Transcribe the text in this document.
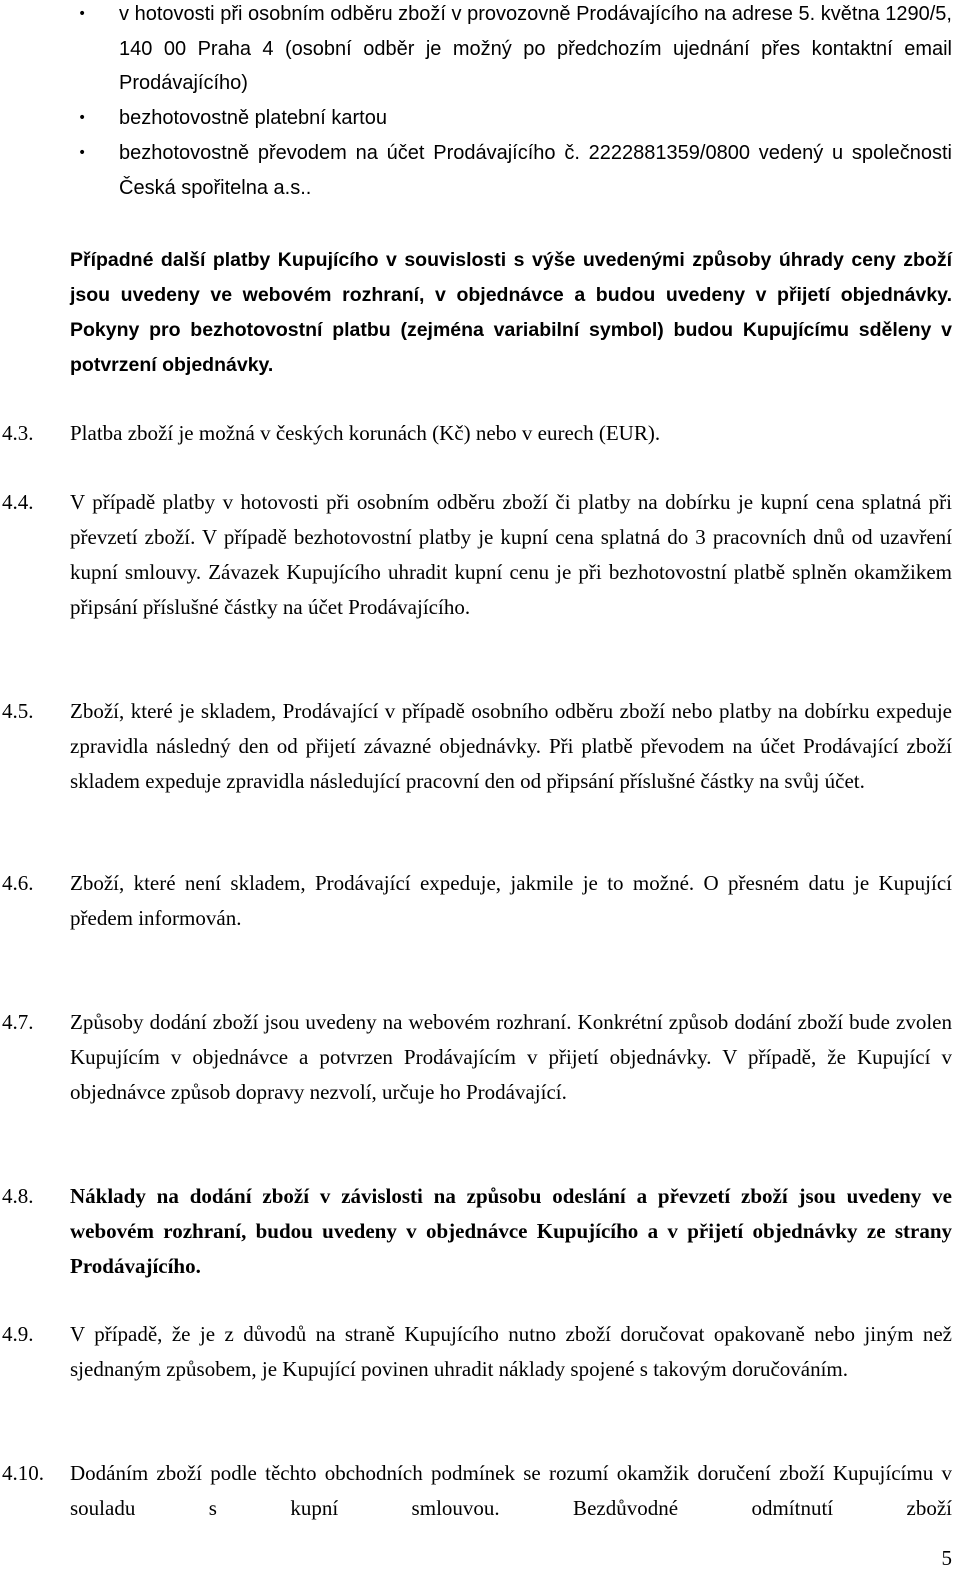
• v hotovosti při osobním odběru zboží v provozovně Prodávajícího na adrese 5. května 1290/5, 140 00 Praha 4 (osobní odběr je možný po předchozím ujednání přes kontaktní email Prodávajícího)
• bezhotovostně platební kartou
• bezhotovostně převodem na účet Prodávajícího č. 2222881359/0800 vedený u společnosti Česká spořitelna a.s..
Případné další platby Kupujícího v souvislosti s výše uvedenými způsoby úhrady ceny zboží jsou uvedeny ve webovém rozhraní, v objednávce a budou uvedeny v přijetí objednávky. Pokyny pro bezhotovostní platbu (zejména variabilní symbol) budou Kupujícímu sděleny v potvrzení objednávky.
4.3.	Platba zboží je možná v českých korunách (Kč) nebo v eurech (EUR).
4.4.	V případě platby v hotovosti při osobním odběru zboží či platby na dobírku je kupní cena splatná při převzetí zboží. V případě bezhotovostní platby je kupní cena splatná do 3 pracovních dnů od uzavření kupní smlouvy. Závazek Kupujícího uhradit kupní cenu je při bezhotovostní platbě splněn okamžikem připsání příslušné částky na účet Prodávajícího.
4.5.	Zboží, které je skladem, Prodávající v případě osobního odběru zboží nebo platby na dobírku expeduje zpravidla následný den od přijetí závazné objednávky. Při platbě převodem na účet Prodávající zboží skladem expeduje zpravidla následující pracovní den od připsání příslušné částky na svůj účet.
4.6.	Zboží, které není skladem, Prodávající expeduje, jakmile je to možné. O přesném datu je Kupující předem informován.
4.7.	Způsoby dodání zboží jsou uvedeny na webovém rozhraní. Konkrétní způsob dodání zboží bude zvolen Kupujícím v objednávce a potvrzen Prodávajícím v přijetí objednávky. V případě, že Kupující v objednávce způsob dopravy nezvolí, určuje ho Prodávající.
4.8.	Náklady na dodání zboží v závislosti na způsobu odeslání a převzetí zboží jsou uvedeny ve webovém rozhraní, budou uvedeny v objednávce Kupujícího a v přijetí objednávky ze strany Prodávajícího.
4.9.	V případě, že je z důvodů na straně Kupujícího nutno zboží doručovat opakovaně nebo jiným než sjednaným způsobem, je Kupující povinen uhradit náklady spojené s takovým doručováním.
4.10.	Dodáním zboží podle těchto obchodních podmínek se rozumí okamžik doručení zboží Kupujícímu v souladu s kupní smlouvou. Bezdůvodné odmítnutí zboží
5
